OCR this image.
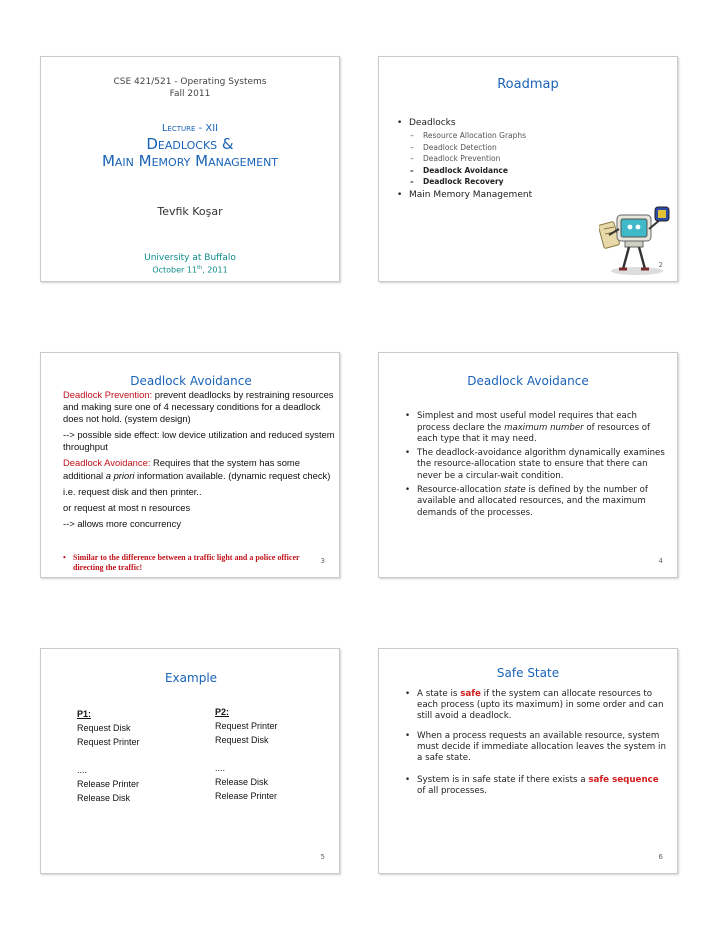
CSE 421/521 - Operating Systems
Fall 2011
Lecture - XII
Deadlocks &
Main Memory Management
Tevfik Koşar
University at Buffalo
October 11th, 2011
Roadmap
• Deadlocks
– Resource Allocation Graphs
– Deadlock Detection
– Deadlock Prevention
– Deadlock Avoidance
– Deadlock Recovery
• Main Memory Management
2
Deadlock Avoidance

Deadlock Prevention: prevent deadlocks by restraining resources and making sure one of 4 necessary conditions for a deadlock does not hold. (system design)

--> possible side effect: low device utilization and reduced system throughput

Deadlock Avoidance: Requires that the system has some additional a priori information available. (dynamic request check)

i.e. request disk and then printer..

or request at most n resources

--> allows more concurrency

• Similar to the difference between a traffic light and a police officer directing the traffic!
3
Deadlock Avoidance
• Simplest and most useful model requires that each process declare the maximum number of resources of each type that it may need.
• The deadlock-avoidance algorithm dynamically examines the resource-allocation state to ensure that there can never be a circular-wait condition.
• Resource-allocation state is defined by the number of available and allocated resources, and the maximum demands of the processes.
4
Example
P1:
Request Disk
Request Printer
....
Release Printer
Release Disk
P2:
Request Printer
Request Disk
....
Release Disk
Release Printer
5
Safe State
• A state is safe if the system can allocate resources to each process (upto its maximum) in some order and can still avoid a deadlock.
• When a process requests an available resource, system must decide if immediate allocation leaves the system in a safe state.
• System is in safe state if there exists a safe sequence of all processes.
6
